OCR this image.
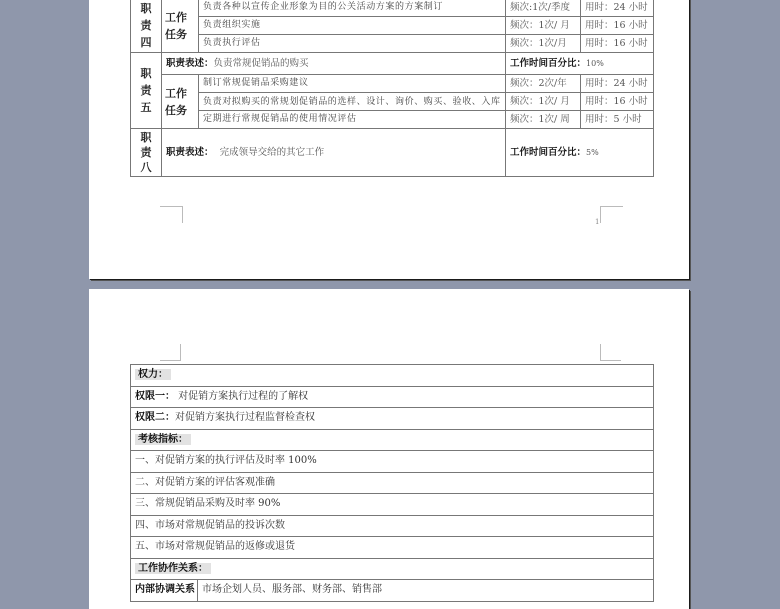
职责四	工作任务	负责各种以宣传企业形象为目的公关活动方案的方案制订	频次:1次/季度	用时：24 小时
		负责组织实施	频次：1次/ 月	用时：16 小时
		负责执行评估	频次：1次/月	用时：16 小时
职责五	职责表述：负责常规促销品的购买		工作时间百分比：10%	
	工作任务	制订常规促销品采购建议	频次：2次/年	用时：24 小时
		负责对拟购买的常规划促销品的选样、设计、询价、购买、验收、入库	频次：1次/ 月	用时：16 小时
		定期进行常规促销品的使用情况评估	频次：1次/ 周	用时：5 小时
职责八	职责表述： 完成领导交给的其它工作		工作时间百分比：5%	
1
权力：
权限一： 对促销方案执行过程的了解权
权限二：对促销方案执行过程监督检查权
考核指标：
一、对促销方案的执行评估及时率 100%
二、对促销方案的评估客观准确
三、常规促销品采购及时率 90%
四、市场对常规促销品的投诉次数
五、市场对常规促销品的返修或退货
工作协作关系：
内部协调关系	市场企划人员、服务部、财务部、销售部
